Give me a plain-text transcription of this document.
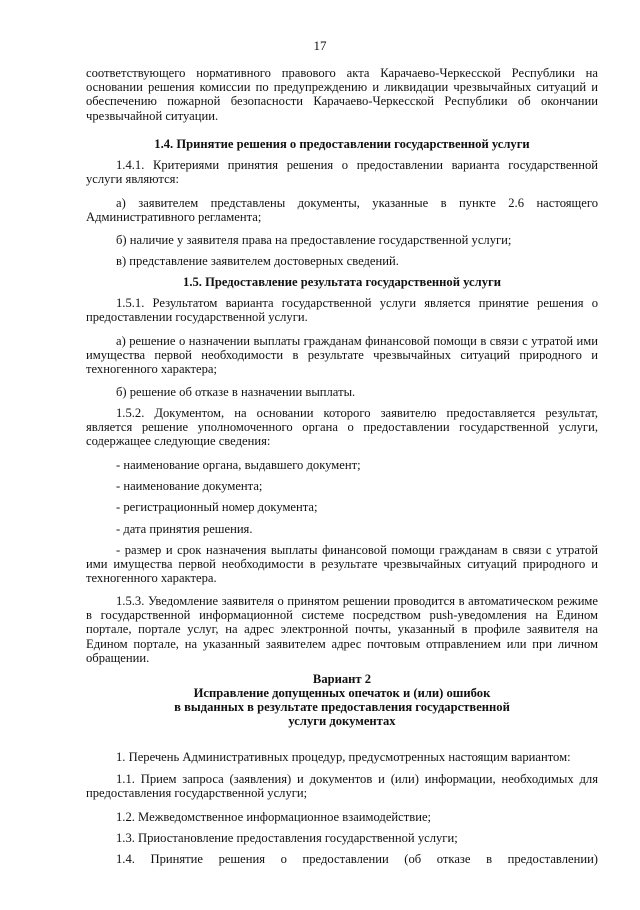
17

соответствующего нормативного правового акта Карачаево-Черкесской Республики на основании решения комиссии по предупреждению и ликвидации чрезвычайных ситуаций и обеспечению пожарной безопасности Карачаево-Черкесской Республики об окончании чрезвычайной ситуации.

1.4. Принятие решения о предоставлении государственной услуги

1.4.1. Критериями принятия решения о предоставлении варианта государственной услуги являются:

а) заявителем представлены документы, указанные в пункте 2.6 настоящего Административного регламента;

б) наличие у заявителя права на предоставление государственной услуги;

в) представление заявителем достоверных сведений.

1.5. Предоставление результата государственной услуги

1.5.1. Результатом варианта государственной услуги является принятие решения о предоставлении государственной услуги.

а) решение о назначении выплаты гражданам финансовой помощи в связи с утратой ими имущества первой необходимости в результате чрезвычайных ситуаций природного и техногенного характера;

б) решение об отказе в назначении выплаты.

1.5.2. Документом, на основании которого заявителю предоставляется результат, является решение уполномоченного органа о предоставлении государственной услуги, содержащее следующие сведения:

- наименование органа, выдавшего документ;

- наименование документа;

- регистрационный номер документа;

- дата принятия решения.

- размер и срок назначения выплаты финансовой помощи гражданам в связи с утратой ими имущества первой необходимости в результате чрезвычайных ситуаций природного и техногенного характера.

1.5.3. Уведомление заявителя о принятом решении проводится в автоматическом режиме в государственной информационной системе посредством push-уведомления на Едином портале, портале услуг, на адрес электронной почты, указанный в профиле заявителя на Едином портале, на указанный заявителем адрес почтовым отправлением или при личном обращении.

Вариант 2

Исправление допущенных опечаток и (или) ошибок

в выданных в результате предоставления государственной

услуги документах

1. Перечень Административных процедур, предусмотренных настоящим вариантом:

1.1. Прием запроса (заявления) и документов и (или) информации, необходимых для предоставления государственной услуги;

1.2. Межведомственное информационное взаимодействие;

1.3. Приостановление предоставления государственной услуги;

1.4. Принятие решения о предоставлении (об отказе в предоставлении)
